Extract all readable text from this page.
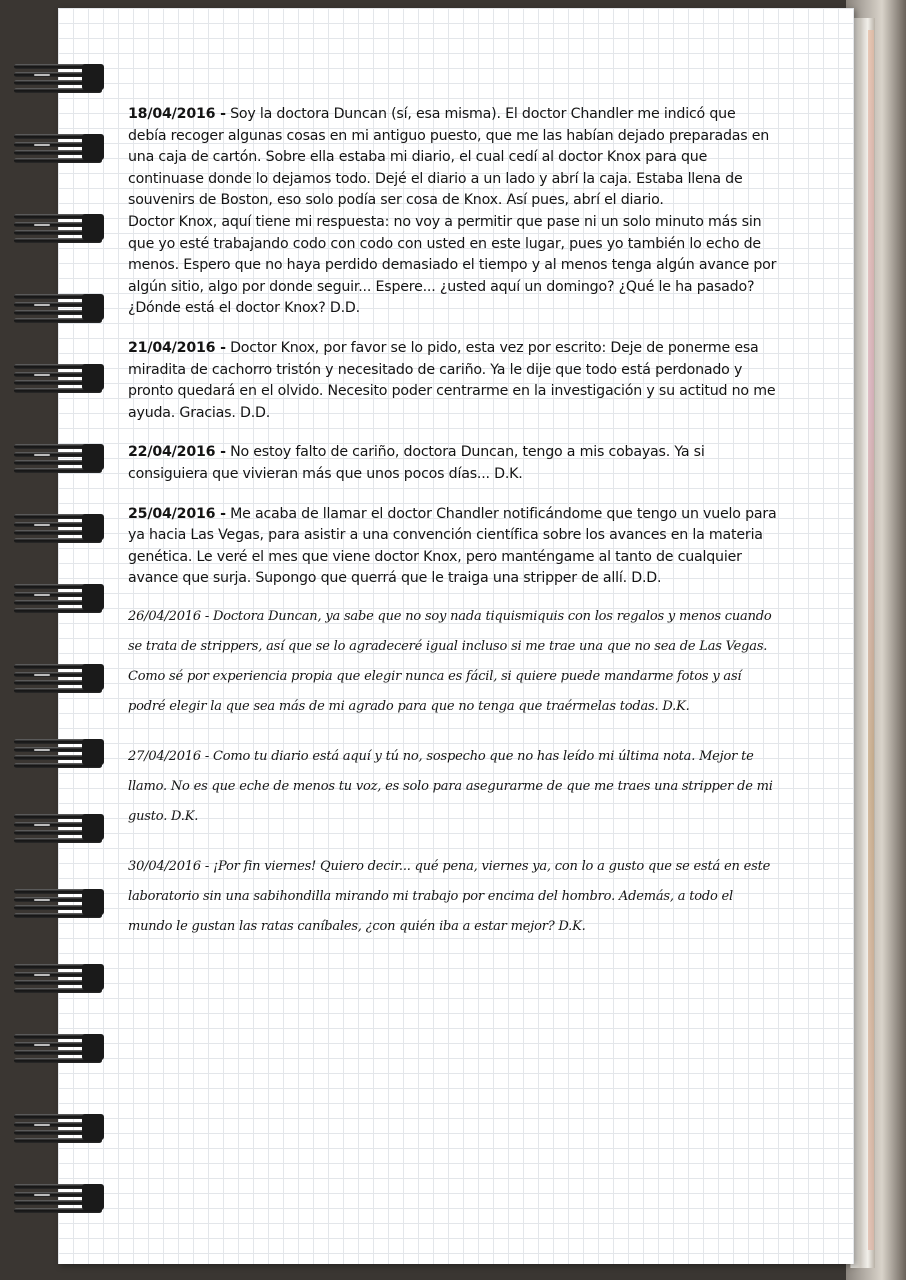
18/04/2016 - Soy la doctora Duncan (sí, esa misma). El doctor Chandler me indicó que debía recoger algunas cosas en mi antiguo puesto, que me las habían dejado preparadas en una caja de cartón. Sobre ella estaba mi diario, el cual cedí al doctor Knox para que continuase donde lo dejamos todo. Dejé el diario a un lado y abrí la caja. Estaba llena de souvenirs de Boston, eso solo podía ser cosa de Knox. Así pues, abrí el diario.
Doctor Knox, aquí tiene mi respuesta: no voy a permitir que pase ni un solo minuto más sin que yo esté trabajando codo con codo con usted en este lugar, pues yo también lo echo de menos. Espero que no haya perdido demasiado el tiempo y al menos tenga algún avance por algún sitio, algo por donde seguir... Espere... ¿usted aquí un domingo? ¿Qué le ha pasado? ¿Dónde está el doctor Knox? D.D.

21/04/2016 - Doctor Knox, por favor se lo pido, esta vez por escrito: Deje de ponerme esa miradita de cachorro tristón y necesitado de cariño. Ya le dije que todo está perdonado y pronto quedará en el olvido. Necesito poder centrarme en la investigación y su actitud no me ayuda. Gracias. D.D.

22/04/2016 - No estoy falto de cariño, doctora Duncan, tengo a mis cobayas. Ya si consiguiera que vivieran más que unos pocos días... D.K.

25/04/2016 - Me acaba de llamar el doctor Chandler notificándome que tengo un vuelo para ya hacia Las Vegas, para asistir a una convención científica sobre los avances en la materia genética. Le veré el mes que viene doctor Knox, pero manténgame al tanto de cualquier avance que surja. Supongo que querrá que le traiga una stripper de allí. D.D.

26/04/2016 - Doctora Duncan, ya sabe que no soy nada tiquismiquis con los regalos y menos cuando se trata de strippers, así que se lo agradeceré igual incluso si me trae una que no sea de Las Vegas. Como sé por experiencia propia que elegir nunca es fácil, si quiere puede mandarme fotos y así podré elegir la que sea más de mi agrado para que no tenga que traérmelas todas. D.K.

27/04/2016 - Como tu diario está aquí y tú no, sospecho que no has leído mi última nota. Mejor te llamo. No es que eche de menos tu voz, es solo para asegurarme de que me traes una stripper de mi gusto. D.K.

30/04/2016 - ¡Por fin viernes! Quiero decir... qué pena, viernes ya, con lo a gusto que se está en este laboratorio sin una sabihondilla mirando mi trabajo por encima del hombro. Además, a todo el mundo le gustan las ratas caníbales, ¿con quién iba a estar mejor? D.K.
